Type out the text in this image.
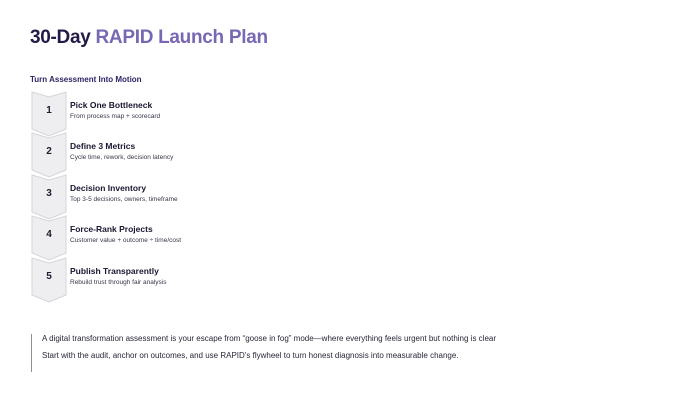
30-Day RAPID Launch Plan
Turn Assessment Into Motion
1	Pick One Bottleneck
From process map + scorecard
2	Define 3 Metrics
Cycle time, rework, decision latency
3	Decision Inventory
Top 3-5 decisions, owners, timeframe
4	Force-Rank Projects
Customer value + outcome ÷ time/cost
5	Publish Transparently
Rebuild trust through fair analysis
A digital transformation assessment is your escape from “goose in fog” mode—where everything feels urgent but nothing is clear
Start with the audit, anchor on outcomes, and use RAPID’s flywheel to turn honest diagnosis into measurable change.
